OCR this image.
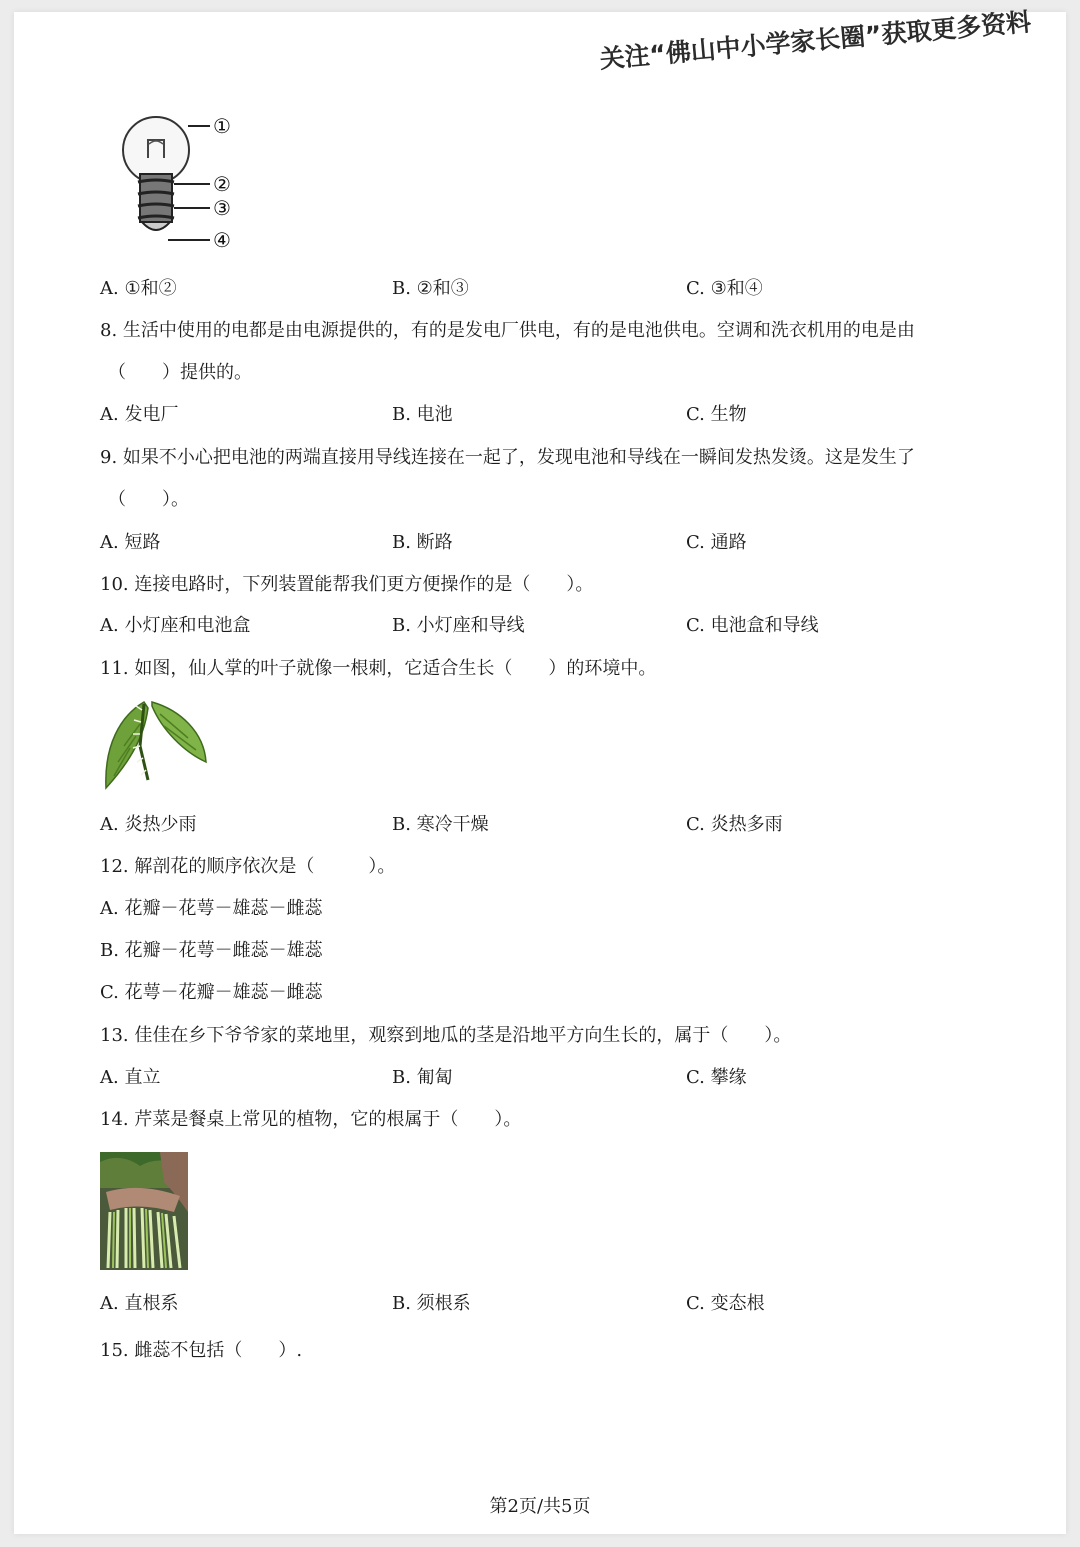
关注“佛山中小学家长圈”获取更多资料
①
②
③
④
A. ①和②	B. ②和③	C. ③和④
8. 生活中使用的电都是由电源提供的，有的是发电厂供电，有的是电池供电。空调和洗衣机用的电是由
（　　）提供的。
A. 发电厂	B. 电池	C. 生物
9. 如果不小心把电池的两端直接用导线连接在一起了，发现电池和导线在一瞬间发热发烫。这是发生了
（　　）。
A. 短路	B. 断路	C. 通路
10. 连接电路时，下列装置能帮我们更方便操作的是（　　）。
A. 小灯座和电池盒	B. 小灯座和导线	C. 电池盒和导线
11. 如图，仙人掌的叶子就像一根刺，它适合生长（　　）的环境中。
A. 炎热少雨	B. 寒冷干燥	C. 炎热多雨
12. 解剖花的顺序依次是（　　　）。
A. 花瓣－花萼－雄蕊－雌蕊
B. 花瓣－花萼－雌蕊－雄蕊
C. 花萼－花瓣－雄蕊－雌蕊
13. 佳佳在乡下爷爷家的菜地里，观察到地瓜的茎是沿地平方向生长的，属于（　　）。
A. 直立	B. 匍匐	C. 攀缘
14. 芹菜是餐桌上常见的植物，它的根属于（　　）。
A. 直根系	B. 须根系	C. 变态根
15. 雌蕊不包括（　　）.
第2页/共5页
